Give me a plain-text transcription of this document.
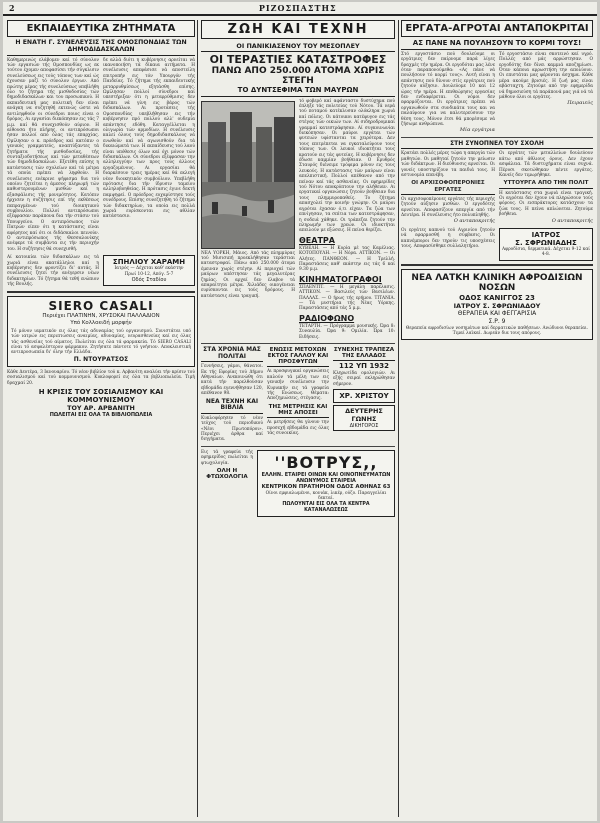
2	ΡΙΖΟΣΠΑΣΤΗΣ
ΕΚΠΑΙΔΕΥΤΙΚΑ ΖΗΤΗΜΑΤΑ
Η ΕΝΑΤΗ Γ. ΣΥΝΕΛΕΥΣΙΣ ΤΗΣ ΟΜΟΣΠΟΝΔΙΑΣ ΤΩΝ ΔΗΜΟΔΙΔΑΣΚΑΛΩΝ
Καθημερινώς ελάβομεν καί τό σύνολον τών εργασιών τής Ομοσπονδίας ως εκ τούτου έχομεν αποφασίσει τήν σύγκλισιν συνελεύσεως εις τούς τόπους των καί ώς έχουσαν μαζί τό σύνολον έργων. Από πρώτης μέρας τής συνελεύσεως υπεβλήθη όλο το ζήτημα τής μισθοδοσίας τών δημοδιδασκάλων και του προσωπικού. Η εκπαιδευτική μας πολιτική δεν είναι ανάγκη να συζητηθή εκτενώς ώστε νά αντιληφθούν οι σύνεδροι ποιος είναι ο δρόμος. Αι εργασίαι διεκόπησαν εις τάς 7 μ.μ. καί θά συνεχισθούν αύριον. Η αίθουσα ήτο πλήρης, οι αντιπρόσωποι ήσαν πολλοί από όλας τάς επαρχίας. Ομίλησαν ο κ. πρόεδρος καί κατόπιν ο γενικός γραμματεύς, αναπτύξαντες τά ζητήματα τής μισθοδοσίας, τής συνταξιοδοτήσεως καί τών μεταθέσεων τών δημοδιδασκάλων. Εξετέθη επίσης η κατάστασις τών σχολείων καί τά μέτρα τά οποία πρέπει νά ληφθούν. Η συνέλευσις ενέκρινε ψήφισμα δια τού οποίου ζητείται η άμεσος πληρωμή τών καθυστερουμένων μισθών καί η εξασφάλισις τής μονιμότητος. Κατόπιν ήρχισεν η συζήτησις επί τής εκθέσεως πεπραγμένων τού διοικητικού συμβουλίου. Πολλοί αντιπρόσωποι εξέφρασαν παράπονα δια τήν στάσιν τού Υπουργείου. Ο αντιπρόσωπος τών Πατρών είπεν ότι η κατάστασις είναι αφόρητος καί ότι οι διδάσκαλοι πεινούν. Ο αντιπρόσωπος τής Θεσσαλονίκης ανέφερε τά συμβάντα εις τήν περιοχήν του. Η συζήτησις θά συνεχισθή.
δε αλλά διότι η κυβέρνησις αρνείται νά ικανοποιήση τά δίκαια αιτήματα. Η συνέλευσις απεφάσισε νά αποστείλη επιτροπήν εις τόν Υπουργόν τής Παιδείας. Τό ζήτημα τής εκπαιδευτικής μεταρρυθμίσεως εξητάσθη επίσης. Ωμίλησαν πολλοί σύνεδροι καί υπεστήριξαν ότι η μεταρρύθμισις δεν πρέπει νά γίνη εις βάρος τών διδασκάλων. Αι προτάσεις τής Ομοσπονδίας υπεβλήθησαν εις τήν κυβέρνησιν πρό πολλού αλλ' ουδεμία απάντησις εδόθη. Καταγγέλλεται η ολιγωρία τών αρμοδίων. Η συνέλευσις καλεί όλους τούς δημοδιδασκάλους νά ενωθούν καί νά αγωνισθούν δια τά δικαιώματά των. Η εκπαίδευσις τού λαού είναι υπόθεσις όλων καί όχι μόνον τών διδασκάλων. Οι σύνεδροι εξέφρασαν την αλληλεγγύην των προς τούς άλλους εργαζομένους. Αι εργασίαι θά διαρκέσουν τρεις ημέρας καί θά εκλεγή νέον διοικητικόν συμβούλιον. Υπεβλήθη πρότασις δια τήν ίδρυσιν ταμείου αλληλοβοηθείας. Η πρότασις έγινε δεκτή παμψηφεί. Ο πρόεδρος ευχαρίστησε τούς συνέδρους. Επίσης συνεζητήθη τό ζήτημα τών διδακτηρίων, τα οποία εις πολλά χωριά ευρίσκονται εις αθλίαν κατάστασιν.
Αί κατοικίαι τών διδασκάλων εις τά χωριά είναι ακατάλληλοι καί η κυβέρνησις δεν φροντίζει δι' αυτάς. Η συνέλευσις ζητεί τήν ανέγερσιν νέων διδακτηρίων. Τό ζήτημα θά τεθή ενώπιον τής Βουλής.
ΣΠΗΛΙΟΥ ΧΑΡΑΜΗ
Ιατρός — Δέχεται καθ' εκάστην
Πρωί 10-12, Απόγ. 5-7
Οδός Σταδίου
SIERO CASALI
Περιέχει ΠΛΑΤΙΝΗΝ, ΧΡΥΣΟΚΑΙ ΠΑΛΛΑΔΙΟΝ
Υπό Κολλοειδή μορφήν
Τό μόνον ιαματικόν εις όλας τάς αδυναμίας τού οργανισμού. Συνιστάται υπό τών ιατρών εις περιπτώσεις αναιμίας, αδυναμίας, νευρασθενείας καί εις όλας τάς ασθενείας τού αίματος. Πωλείται εις όλα τά φαρμακεία. Τό SIERO CASALI είναι τό ασφαλέστερον φάρμακον. Ζητήσατε πάντοτε τό γνήσιον. Αποκλειστική αντιπροσωπεία δι' όλην τήν Ελλάδα.
Π. ΝΤΟΥΡΑΤΣΟΣ
Κάθε Δευτέρα, 3 Ιανουαρίου. Τό νέον βιβλίον τού κ. Αρβανίτη αναλύει τήν κρίσιν τού σοσιαλισμού καί τού κομμουνισμού. Κυκλοφορεί εις όλα τα βιβλιοπωλεία. Τιμή δραχμαί 20.
Η ΚΡΙΣΙΣ ΤΟΥ ΣΟΣΙΑΛΙΣΜΟΥ ΚΑΙ ΚΟΜΜΟΥΝΙΣΜΟΥ
ΤΟΥ ΑΡ. ΑΡΒΑΝΙΤΗ
ΠΩΛΕΙΤΑΙ ΕΙΣ ΟΛΑ ΤΑ ΒΙΒΛΙΟΠΩΛΕΙΑ
ΖΩΗ ΚΑΙ ΤΕΧΝΗ
ΟΙ ΠΑΝΙΚΙΑΣΕΝΟΥ ΤΟΥ ΜΕΣΟΠΛΕΥ
ΟΙ ΤΕΡΑΣΤΙΕΣ ΚΑΤΑΣΤΡΟΦΕΣ
ΠΑΝΩ ΑΠΟ 250.000 ΑΤΟΜΑ ΧΩΡΙΣ ΣΤΕΓΗ
ΤΟ ΔΥΝΤΣΕΦΙΜΑ ΤΩΝ ΜΑΥΡΩΝ
ΝΕΑ ΥΟΡΚΗ, Μάιος. Από τάς πλημμύρας τού Μισισιπή προεκλήθησαν τεράστιαι καταστροφαί. Πάνω από 250.000 άτομα έμειναν χωρίς στέγην. Αί περιοχαί τών μαύρων υπέστησαν τάς μεγαλυτέρας ζημίας. Οι αρχαί δεν έλαβον τά απαραίτητα μέτρα. Χιλιάδες οικογένειαι ευρίσκονται εις τούς δρόμους. Η κατάστασις είναι τραγική.
τό φοβερό καί αφάνταστο δυστύχημα πού έπληξε τάς πολιτείας τού Νότου. Τά νερά τού ποταμού κατέκλυσαν ολόκληρα χωριά καί πόλεις. Οι κάτοικοι κατέφυγον εις τάς στέγας τών οικιών των. Αί σιδηροδρομικαί γραμμαί κατεστράφησαν. Αί συγκοινωνίαι διεκόπησαν. Οι μαύροι εργάται τών φυτειών υφίστανται τα χειρότερα. Δεν τους επιτρέπεται να εγκαταλείψουν τους τόπους των. Οι λευκοί ιδιοκτήται τους κρατούν εις τάς φυτείας. Η κυβέρνησις δεν έδωσε καμμίαν βοήθειαν. Ο Ερυθρός Σταυρός διένειμε τρόφιμα μόνον εις τους λευκούς. Η κατάστασις τών μαύρων είναι απελπιστική. Πολλοί απέθανον από την πείναν καί τάς ασθενείας. Οι εφημερίδες τού Νότου αποκρύπτουν την αλήθειαν. Αι εργατικαί οργανώσεις ζητούν βοήθειαν δια τους πλημμυροπαθείς. Το ζήτημα απασχολεί την κοινήν γνώμην. Οι μαύροι αγρόται έχασαν ό,τι είχαν. Τα ζώα των επνίγησαν, τα σπίτια των κατεστράφησαν, η σοδειά χάθηκε. Οι τράπεζαι ζητούν την πληρωμήν των χρεών. Οι ιδιοκτήται απειλούν με εξώσεις. Η πείνα θερίζει.
ΘΕΑΤΡΑ
ΚΥΒΕΛΗ. — Η Κυρία μέ τας Καμέλιας. ΚΟΤΟΠΟΥΛΗ. — Η Νόρα. ΑΤΤΙΚΟΝ. — Οι Αλήτες. ΠΑΝΘΕΟΝ. — Η Τρελλή. Παραστάσεις καθ' εκάστην εις τάς 6 καί 9.30 μ.μ.
ΚΙΝΗΜΑΤΟΓΡΑΦΟΙ
ΣΠΛΕΝΤΙΤ. — Η μεγάλη παρέλασις. ΑΤΤΙΚΟΝ. — Βασιλεύς τών Βασιλέων. ΠΑΛΛΑΣ. — Ο ήρως τής ερήμου. ΤΙΤΑΝΙΑ. — Τά μυστήρια τής Νέας Υόρκης. Παραστάσεις από τάς 5 μ.μ.
ΡΑΔΙΟΦΩΝΟ
ΤΕΤΑΡΤΗ. — Πρόγραμμα μουσικής. Ώρα 8: Συναυλία. Ώρα 9: Ομιλία. Ώρα 10: Ειδήσεις.
ΣΤΑ ΧΡΟΝΙΑ ΜΑΣ ΠΟΛΙΤΑΙ
Γεννήσεις, γάμοι, θάνατοι. Εκ τής Εφορίας τού Δήμου Αθηναίων. Ανεκοινώθη ότι κατά τήν παρελθούσαν εβδομάδα εγεννήθησαν 120, απέθανον 98.
ΝΕΑ ΤΕΧΝΗ ΚΑΙ ΒΙΒΛΙΑ
Κυκλοφόρησεν τό νέον τεύχος τού περιοδικού «Νέοι Πρωτοπόροι». Περιέχει άρθρα καί διηγήματα.
ΕΝΩΣΙΣ ΜΕΤΟΧΩΝ ΕΚΤΟΣ ΓΑΛΛΟΥ ΚΑΙ ΠΡΟΣΦΥΓΩΝ
Αι προσφυγικαί οργανώσεις καλούν τά μέλη των εις γενικήν συνέλευσιν την Κυριακήν εις τά γραφεία τής Ενώσεως. Θέματα: Αποζημιώσεις, στέγασις.
ΤΗΣ ΜΕΤΡΗΣΙΣ ΚΑΙ ΜΗΣ ΑΠΟΣΕΙ
Αι μετρήσεις θα γίνουν την προσεχή εβδομάδα εις όλας τάς συνοικίας.
ΣΥΝΕΧΗΣ ΤΡΑΠΕΖΑ ΤΗΣ ΕΛΛΑΔΟΣ
112 ΥΠ 1932
Κληρωτίδα ομολογιών. Αι εξής σειραί εκληρώθησαν σήμερον.
ΧΡ. ΧΡΙΣΤΟΥ
ΔΕΥΤΕΡΗΣ ΓΩΝΗΣ
ΔΙΚΗΓΟΡΟΣ
Εις τά γραφεία τής εφημερίδος πωλείται η φτωχολογία.
ΟΛΗ Η ΦΤΩΧΟΛΟΓΙΑ
''ΒΟΤΡΥΣ,,
ΕΛΛΗΝ. ΕΤΑΙΡΕΙ ΟΙΝΩΝ ΚΑΙ ΟΙΝΟΠΝΕΥΜΑΤΩΝ ΑΝΩΝΥΜΟΣ ΕΤΑΙΡΕΙΑ
ΚΕΝΤΡΙΚΟΝ ΠΡΑΤΗΡΙΟΝ ΟΔΟΣ ΑΘΗΝΑΣ 63
Οίνοι εμφιαλωμένοι, κονιάκ, λικέρ, ούζο. Παραγγελίαι δεκταί.
ΠΩΛΟΥΝΤΑΙ ΕΙΣ ΟΛΑ ΤΑ ΚΕΝΤΡΑ ΚΑΤΑΝΑΛΩΣΕΩΣ
ΕΡΓΑΤΑ-ΑΓΡΟΤΑΙ ΑΝΤΑΠΟΚΡΙΤΑΙ
ΑΣ ΠΑΝΕ ΝΑ ΠΟΥΛΗΣΟΥΝ ΤΟ ΚΟΡΜΙ ΤΟΥΣ!
Στό εργοστάσιο πού δουλεύομε οι εργάτριες δεν παίρνομε παρά λίγες δραχμές τήν ημέρα. Οι εργοδόται μας λένε όταν παραπονούμεθα: «Ας πάνε νά πουλήσουν τό κορμί τους». Αυτή είναι η απάντησις πού δίνουν στίς εργάτριες πού ζητούν αύξησιν. Δουλεύομε 10 καί 12 ώρες τήν ημέρα. Η επιθεώρησις εργασίας δεν ενδιαφέρεται. Οι νόμοι δεν εφαρμόζονται. Οι εργάτριες πρέπει νά οργανωθούν στα συνδικάτα τους και να παλαίψουν για να καλυτερεύσουν την θέση τους. Μόνον έτσι θά μπορέσομε νά ζήσωμε ανθρώπινα.
Μία εργάτρια
Τό εργοστάσιο είναι σκοτεινό καί υγρό. Πολλές από μάς αρρώστησαν. Ο εργοδότης δεν δίνει καμμιά αποζημίωσι. Όταν κάποια αρρωστήση την απολύουν. Οι επιστάται μας φέρονται άσχημα. Κάθε μέρα ακούμε βρισιές. Η ζωή μας είναι αβάσταχτη. Ζητούμε από την εφημερίδα νά δημοσιεύση τά παράπονά μας γιά νά τά μάθουν όλοι οι εργάτες.
Πειραιεύς
ΣΤΗ ΣΥΝΟΠΝΕΛ ΤΟΥ ΣΧΟΛΗ
Κρατάει πολλές μέρες τώρα η απεργία τών μαθητών. Οι μαθηταί ζητούν την μείωσιν τών διδάκτρων. Η διεύθυνσις αρνείται. Οι γονείς υποστηρίζουν τα παιδιά τους. Η αστυνομία επενέβη.
ΟΙ ΑΡΧΙΣΟΦΟΠΕΡΟΝΙΕΣ ΕΡΓΑΤΕΣ
Οι αρχισοφοπέρονες εργάτες τής περιοχής ζητούν αύξησιν μισθών. Ο εργοδότης αρνείται. Αποφασίζουν απεργία από τήν Δευτέρα. Η συνέλευσις ήτο πολυπληθής.
Ο ανταποκριτής
Οι εργάτες τών μεταλλείων δουλεύουν κάτω από άθλιους όρους. Δεν έχουν ασφάλεια. Τά δυστυχήματα είναι συχνά. Πέρυσι σκοτώθηκαν πέντε εργάτες. Κανείς δεν τιμωρήθηκε.
ΥΤΤΟΥΡΓΑ ΑΠΟ ΤΗΝ ΠΟΛΙΤ
Η κατάστασις στα χωριά είναι τραγική. Οι αγρόται δεν έχουν νά πληρώσουν τούς φόρους. Οι εισπράκτορες κατάσχουν τα ζώα τους. Η πείνα απλώνεται. Ζητούμε βοήθεια.
Ο ανταποκριτής
Οι εργάτες καπνού τού Αγρινίου ζητούν νά εφαρμοσθή η σύμβασις. Οι καπνέμποροι δεν τηρούν τις υποσχέσεις τους. Αποφασίσθηκε συλλαλητήριο.
ΙΑΤΡΟΣ
Σ. ΣΦΡΩΝΙΑΔΗΣ
Αφροδίσια, δερματικά. Δέχεται 9-12 καί 4-8.
ΝΕΑ ΛΑΤΚΗ ΚΛΙΝΙΚΗ ΑΦΡΟΔΙΣΙΩΝ ΝΟΣΩΝ
ΟΔΟΣ ΚΑΝΙΓΓΟΣ 23
ΙΑΤΡΟΥ Σ. ΣΦΡΩΝΙΑΔΟΥ
ΘΕΡΑΠΕΙΑ ΚΑΙ ΦΕΓΓΑΡΙΣΙΑ
Σ.Ρ. 9
Θεραπεία αφροδισίων νοσημάτων καί δερματικών παθήσεων. Ανώδυνοι θεραπείαι. Τιμαί λαϊκαί. Δωρεάν δια τους απόρους.
